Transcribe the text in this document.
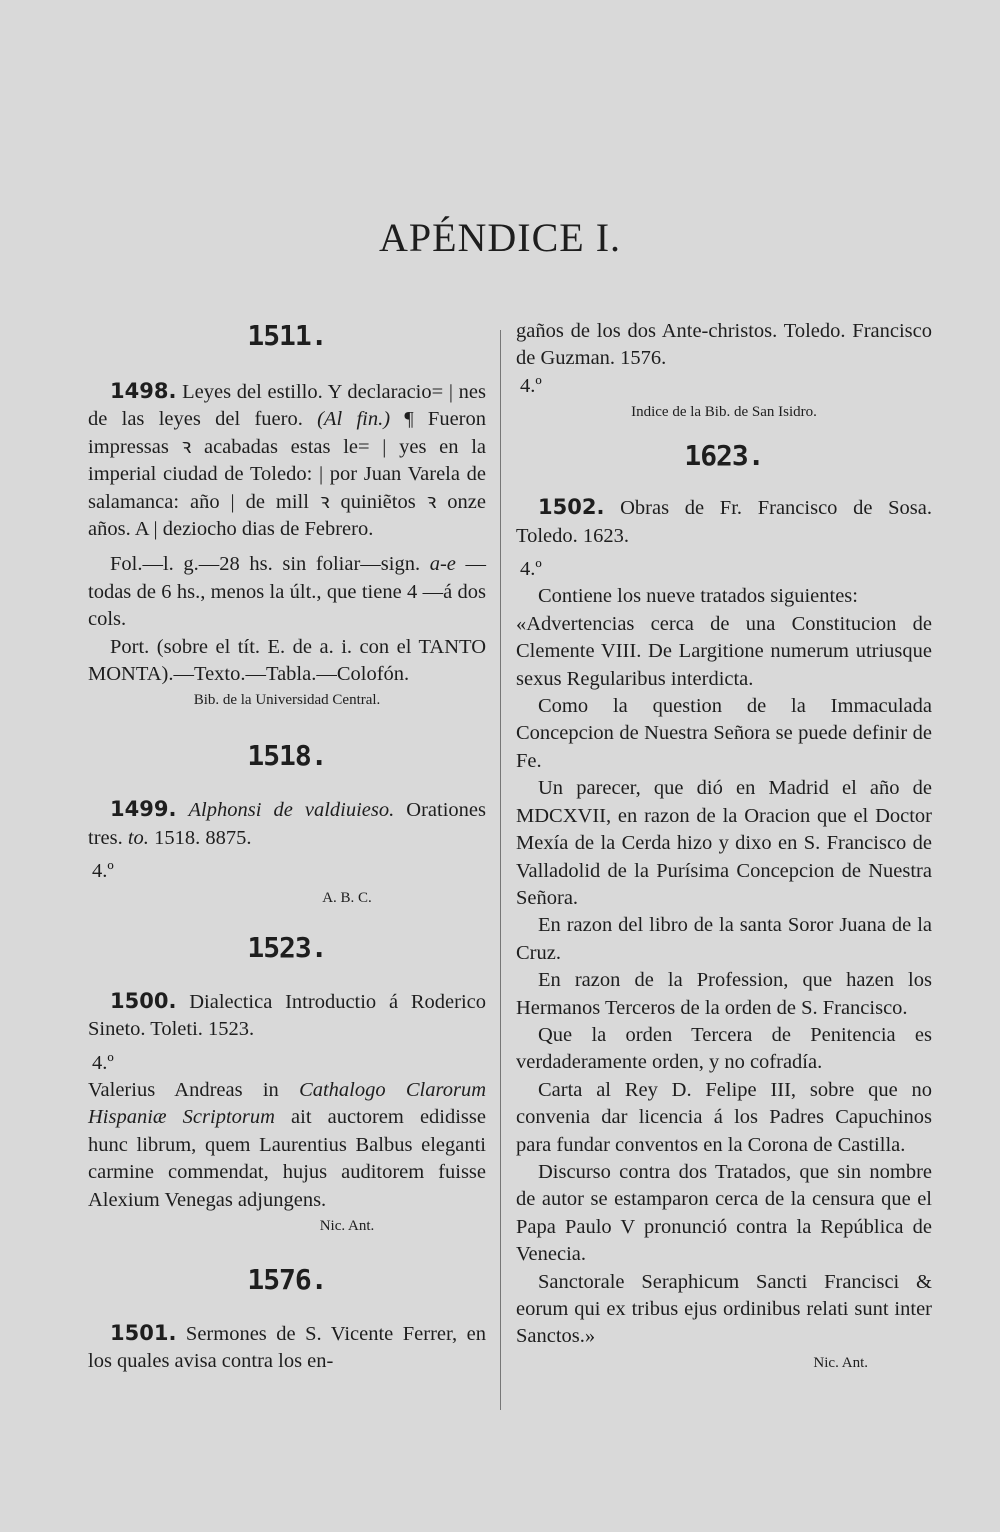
APÉNDICE I.

1511.

1498. Leyes del estillo. Y declaracio= | nes de las leyes del fuero. (Al fin.) ¶ Fueron impressas ꝛ acabadas estas le= | yes en la imperial ciudad de Toledo: | por Juan Varela de salamanca: año | de mill ꝛ quiniẽtos ꝛ onze años. A | deziocho dias de Febrero.

Fol.—l. g.—28 hs. sin foliar—sign. a-e —todas de 6 hs., menos la últ., que tiene 4 —á dos cols.

Port. (sobre el tít. E. de a. i. con el TANTO MONTA).—Texto.—Tabla.—Colofón.

Bib. de la Universidad Central.

1518.

1499. Alphonsi de valdiuieso. Orationes tres. to. 1518. 8875.

4.º

A. B. C.

1523.

1500. Dialectica Introductio á Roderico Sineto. Toleti. 1523.

4.º

Valerius Andreas in Cathalogo Clarorum Hispaniæ Scriptorum ait auctorem edidisse hunc librum, quem Laurentius Balbus eleganti carmine commendat, hujus auditorem fuisse Alexium Venegas adjungens.

Nic. Ant.

1576.

1501. Sermones de S. Vicente Ferrer, en los quales avisa contra los en-

gaños de los dos Ante-christos. Toledo. Francisco de Guzman. 1576.

4.º

Indice de la Bib. de San Isidro.

1623.

1502. Obras de Fr. Francisco de Sosa. Toledo. 1623.

4.º

Contiene los nueve tratados siguientes:

«Advertencias cerca de una Constitucion de Clemente VIII. De Largitione numerum utriusque sexus Regularibus interdicta.

Como la question de la Immaculada Concepcion de Nuestra Señora se puede definir de Fe.

Un parecer, que dió en Madrid el año de MDCXVII, en razon de la Oracion que el Doctor Mexía de la Cerda hizo y dixo en S. Francisco de Valladolid de la Purísima Concepcion de Nuestra Señora.

En razon del libro de la santa Soror Juana de la Cruz.

En razon de la Profession, que hazen los Hermanos Terceros de la orden de S. Francisco.

Que la orden Tercera de Penitencia es verdaderamente orden, y no cofradía.

Carta al Rey D. Felipe III, sobre que no convenia dar licencia á los Padres Capuchinos para fundar conventos en la Corona de Castilla.

Discurso contra dos Tratados, que sin nombre de autor se estamparon cerca de la censura que el Papa Paulo V pronunció contra la República de Venecia.

Sanctorale Seraphicum Sancti Francisci & eorum qui ex tribus ejus ordinibus relati sunt inter Sanctos.»

Nic. Ant.
